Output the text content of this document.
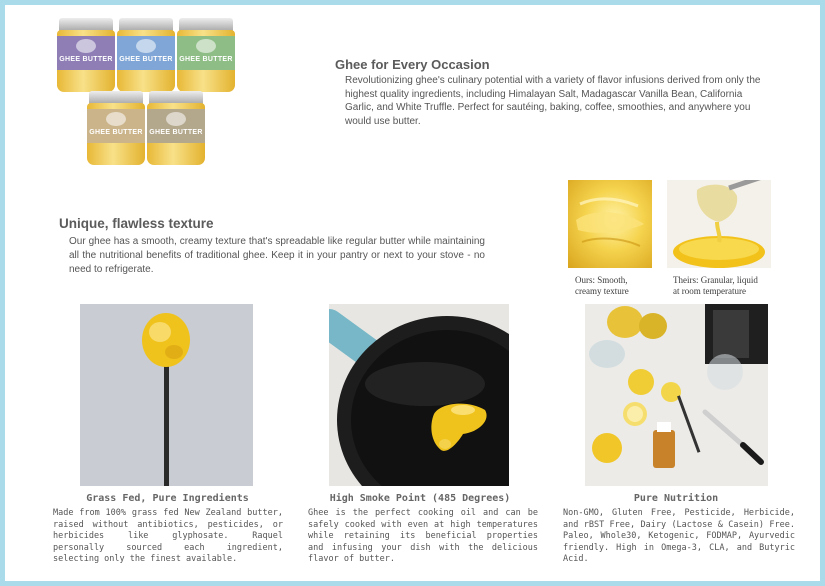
GHEE BUTTER GHEE BUTTER GHEE BUTTER
GHEE BUTTER GHEE BUTTER
Ghee for Every Occasion

Revolutionizing ghee's culinary potential with a variety of flavor infusions derived from only the highest quality ingredients, including Himalayan Salt, Madagascar Vanilla Bean, California Garlic, and White Truffle. Perfect for sautéing, baking, coffee, smoothies, and anywhere you would use butter.

Unique, flawless texture

Our ghee has a smooth, creamy texture that's spreadable like regular butter while maintaining all the nutritional benefits of traditional ghee. Keep it in your pantry or next to your stove - no need to refrigerate.

Ours: Smooth,
creamy texture
Theirs: Granular, liquid
at room temperature
Grass Fed, Pure Ingredients

Made from 100% grass fed New Zealand butter, raised without antibiotics, pesticides, or herbicides like glyphosate. Raquel personally sourced each ingredient, selecting only the finest available.

High Smoke Point (485 Degrees)

Ghee is the perfect cooking oil and can be safely cooked with even at high temperatures while retaining its beneficial properties and infusing your dish with the delicious flavor of butter.

Pure Nutrition

Non-GMO, Gluten Free, Pesticide, Herbicide, and rBST Free, Dairy (Lactose & Casein) Free. Paleo, Whole30, Ketogenic, FODMAP, Ayurvedic friendly. High in Omega-3, CLA, and Butyric Acid.
